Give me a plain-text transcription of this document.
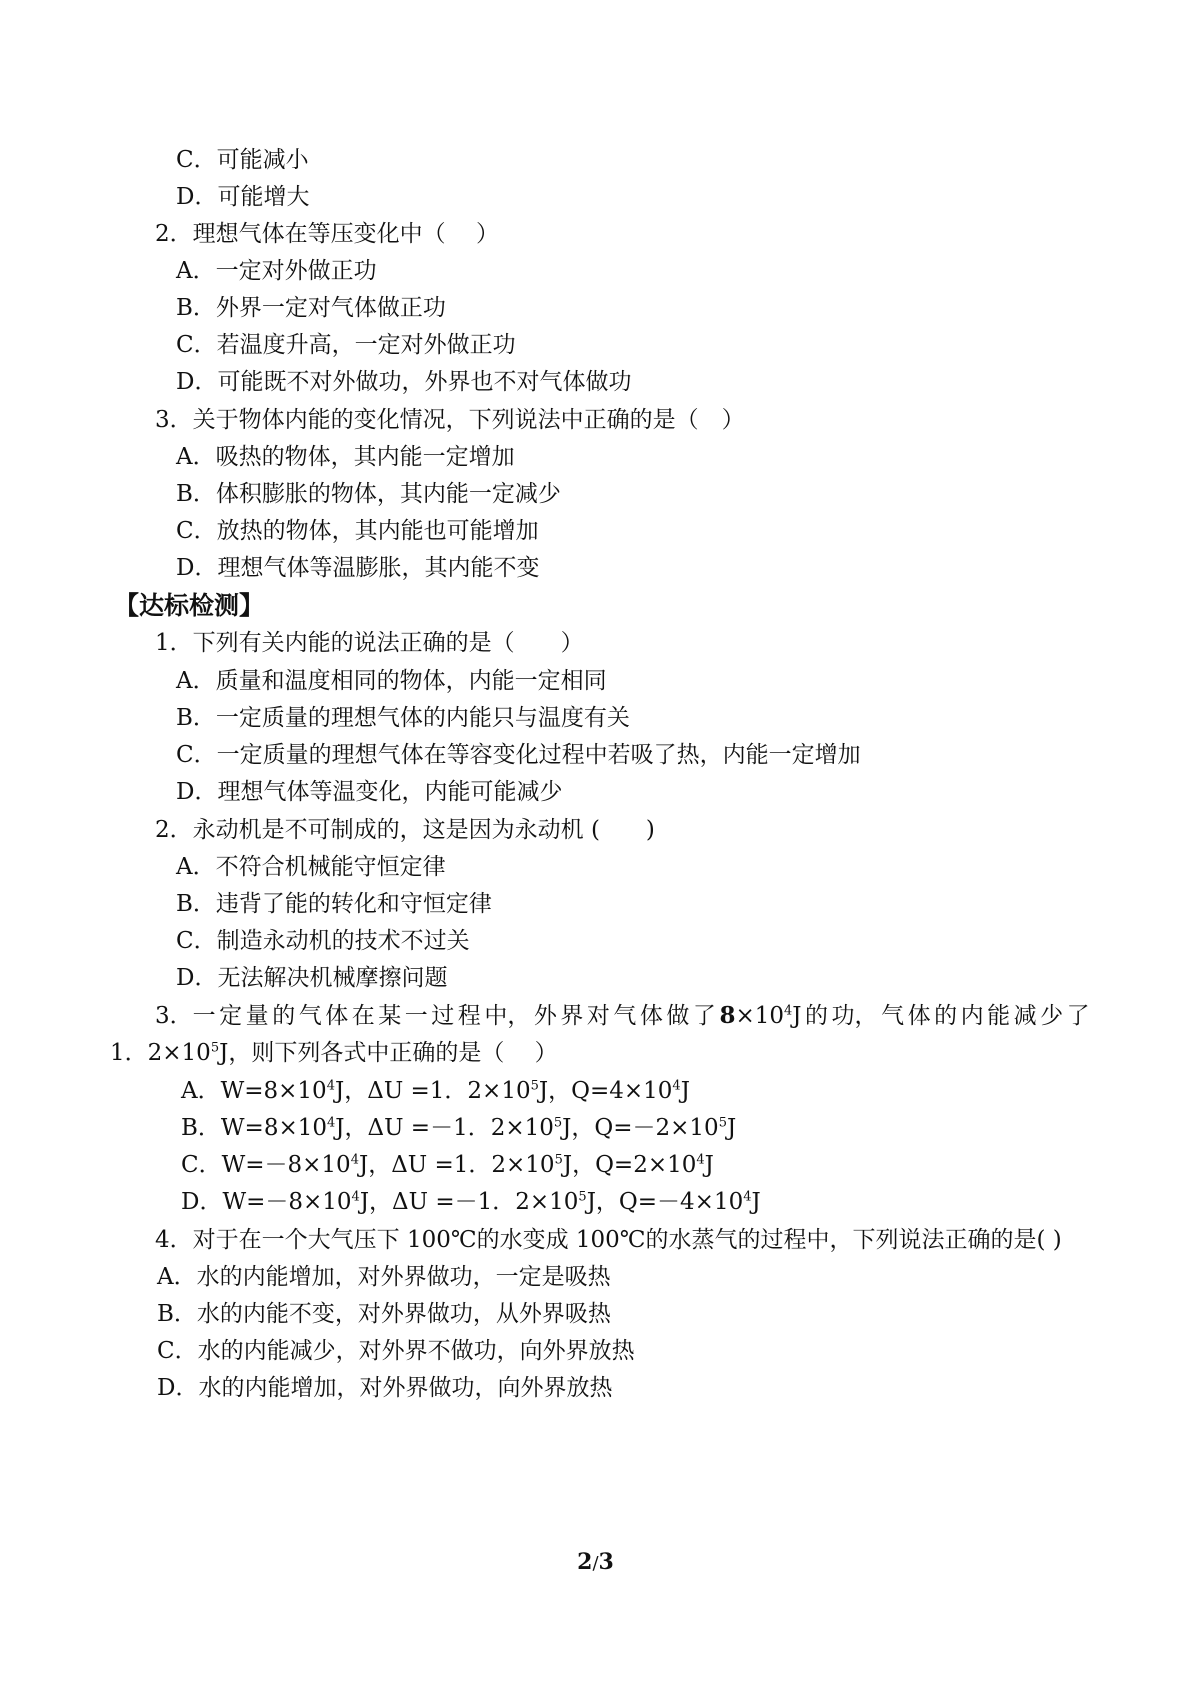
C．可能减小
D．可能增大
2．理想气体在等压变化中（　 ）
A．一定对外做正功
B．外界一定对气体做正功
C．若温度升高，一定对外做正功
D．可能既不对外做功，外界也不对气体做功
3．关于物体内能的变化情况，下列说法中正确的是（　）
A．吸热的物体，其内能一定增加
B．体积膨胀的物体，其内能一定减少
C．放热的物体，其内能也可能增加
D．理想气体等温膨胀，其内能不变
【达标检测】
1．下列有关内能的说法正确的是（　　）
A．质量和温度相同的物体，内能一定相同
B．一定质量的理想气体的内能只与温度有关
C．一定质量的理想气体在等容变化过程中若吸了热，内能一定增加
D．理想气体等温变化，内能可能减少
2．永动机是不可制成的，这是因为永动机 (　　)
A．不符合机械能守恒定律
B．违背了能的转化和守恒定律
C．制造永动机的技术不过关
D．无法解决机械摩擦问题
3．一 定 量 的 气 体 在 某 一 过 程 中， 外 界 对 气 体 做 了 $8\times 10^4J$ 的 功， 气 体 的 内 能 减 少 了
1．$2\times 10^5J$，则下列各式中正确的是（　 ）
A．$W=8\times 10^4J$，ΔU =1．$2\times 10^5J$，$Q=4\times 10^4J$
B．$W=8\times 10^4J$，ΔU =－1．$2\times 10^5J$，$Q=-2\times 10^5J$
C．$W=-8\times 10^4J$，ΔU =1．$2\times 10^5J$，$Q=2\times 10^4J$
D．$W=-8\times 10^4J$，ΔU =－1．$2\times 10^5J$，$Q=-4\times 10^4J$
4．对于在一个大气压下 100℃的水变成 100℃的水蒸气的过程中，下列说法正确的是( )
A．水的内能增加，对外界做功，一定是吸热
B．水的内能不变，对外界做功，从外界吸热
C．水的内能减少，对外界不做功，向外界放热
D．水的内能增加，对外界做功，向外界放热
2/3
